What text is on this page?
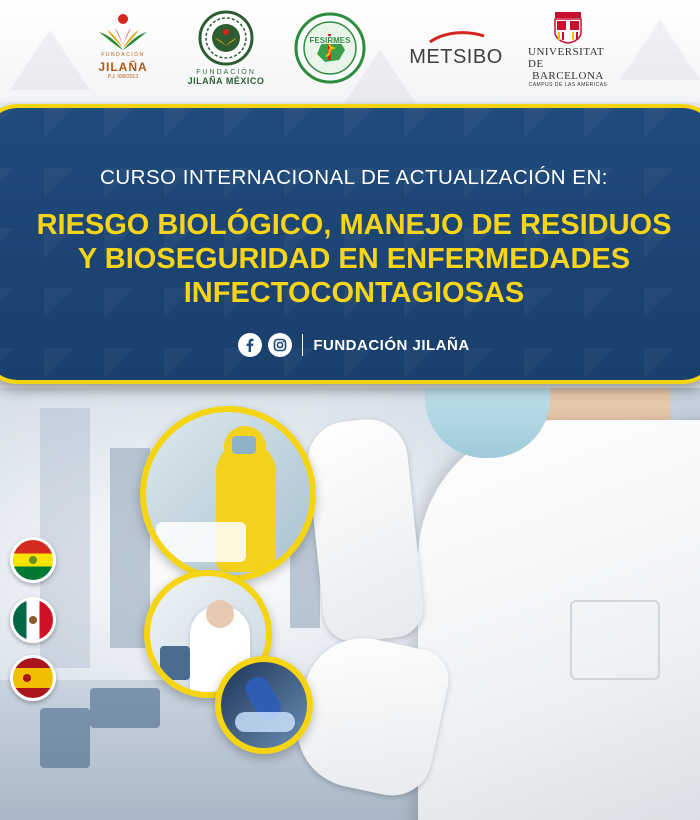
FUNDACIÓN
JILAÑA
P.J. 999/2013
FUNDACIÓN
JILAÑA MÉXICO
FESIRMES
METSIBO UNIVERSITAT DE
BARCELONA
CAMPUS DE LAS AMÉRICAS
CURSO INTERNACIONAL DE ACTUALIZACIÓN EN:
RIESGO BIOLÓGICO, MANEJO DE RESIDUOS
Y BIOSEGURIDAD EN ENFERMEDADES
INFECTOCONTAGIOSAS
FUNDACIÓN JILAÑA
